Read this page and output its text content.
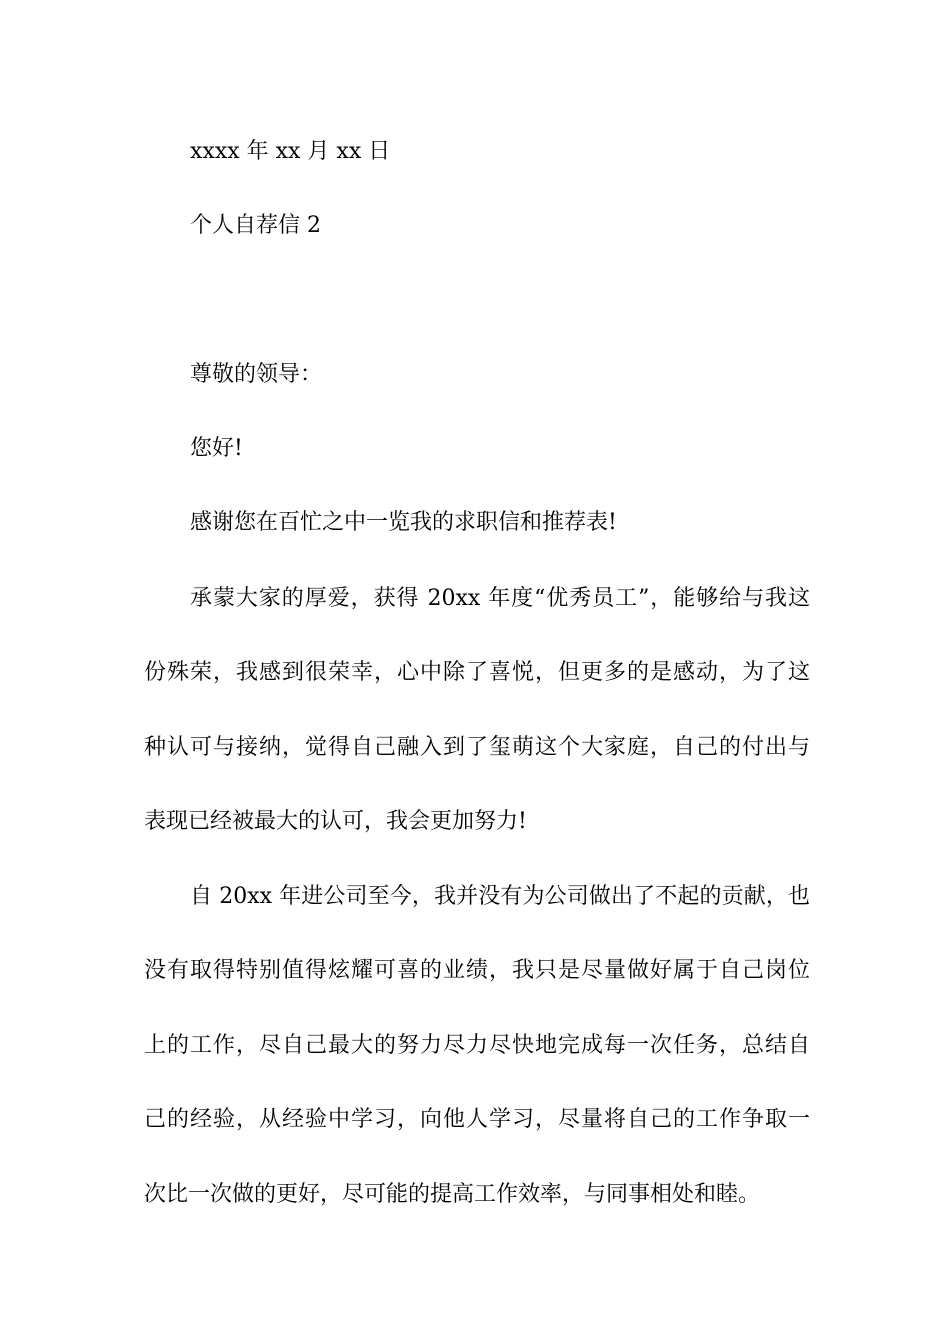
xxxx 年 xx 月 xx 日
个人自荐信 2
尊敬的领导：
您好!
感谢您在百忙之中一览我的求职信和推荐表!
承蒙大家的厚爱，获得 20xx 年度“优秀员工”，能够给与我这
份殊荣，我感到很荣幸，心中除了喜悦，但更多的是感动，为了这
种认可与接纳，觉得自己融入到了玺萌这个大家庭，自己的付出与
表现已经被最大的认可，我会更加努力!
自 20xx 年进公司至今，我并没有为公司做出了不起的贡献，也
没有取得特别值得炫耀可喜的业绩，我只是尽量做好属于自己岗位
上的工作，尽自己最大的努力尽力尽快地完成每一次任务，总结自
己的经验，从经验中学习，向他人学习，尽量将自己的工作争取一
次比一次做的更好，尽可能的提高工作效率，与同事相处和睦。
